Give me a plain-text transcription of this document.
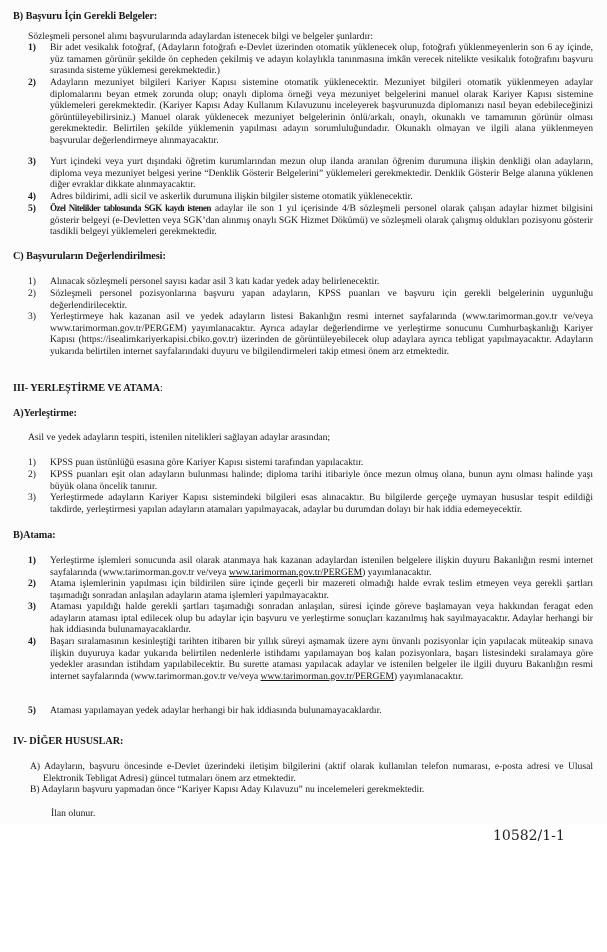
B) Başvuru İçin Gerekli Belgeler:
Sözleşmeli personel alımı başvurularında adaylardan istenecek bilgi ve belgeler şunlardır:
1)	Bir adet vesikalık fotoğraf, (Adayların fotoğrafı e-Devlet üzerinden otomatik yüklenecek olup, fotoğrafı yüklenmeyenlerin son 6 ay içinde, yüz tamamen görünür şekilde ön cepheden çekilmiş ve adayın kolaylıkla tanınmasına imkân verecek nitelikte vesikalık fotoğrafını başvuru sırasında sisteme yüklemesi gerekmektedir.)
2)	Adayların mezuniyet bilgileri Kariyer Kapısı sistemine otomatik yüklenecektir. Mezuniyet bilgileri otomatik yüklenmeyen adaylar diplomalarını beyan etmek zorunda olup; onaylı diploma örneği veya mezuniyet belgelerini manuel olarak Kariyer Kapısı sistemine yüklemeleri gerekmektedir. (Kariyer Kapısı Aday Kullanım Kılavuzunu inceleyerek başvurunuzda diplomanızı nasıl beyan edebileceğinizi görüntüleyebilirsiniz.) Manuel olarak yüklenecek mezuniyet belgelerinin önlü/arkalı, onaylı, okunaklı ve tamamının görünür olması gerekmektedir. Belirtilen şekilde yüklemenin yapılması adayın sorumluluğundadır. Okunaklı olmayan ve ilgili alana yüklenmeyen başvurular değerlendirmeye alınmayacaktır.
3)	Yurt içindeki veya yurt dışındaki öğretim kurumlarından mezun olup ilanda aranılan öğrenim durumuna ilişkin denkliği olan adayların, diploma veya mezuniyet belgesi yerine “Denklik Gösterir Belgelerini” yüklemeleri gerekmektedir. Denklik Gösterir Belge alanına yüklenen diğer evraklar dikkate alınmayacaktır.
4)	Adres bildirimi, adli sicil ve askerlik durumuna ilişkin bilgiler sisteme otomatik yüklenecektir.
5)	Özel Nitelikler tablosunda SGK kaydı istenen adaylar ile son 1 yıl içerisinde 4/B sözleşmeli personel olarak çalışan adaylar hizmet bilgisini gösterir belgeyi (e-Devletten veya SGK’dan alınmış onaylı SGK Hizmet Dökümü) ve sözleşmeli olarak çalışmış oldukları pozisyonu gösterir tasdikli belgeyi yüklemeleri gerekmektedir.
C) Başvuruların Değerlendirilmesi:
1)	Alınacak sözleşmeli personel sayısı kadar asil 3 katı kadar yedek aday belirlenecektir.
2)	Sözleşmeli personel pozisyonlarına başvuru yapan adayların, KPSS puanları ve başvuru için gerekli belgelerinin uygunluğu değerlendirilecektir.
3)	Yerleştirmeye hak kazanan asil ve yedek adayların listesi Bakanlığın resmi internet sayfalarında (www.tarimorman.gov.tr ve/veya www.tarimorman.gov.tr/PERGEM) yayımlanacaktır. Ayrıca adaylar değerlendirme ve yerleştirme sonucunu Cumhurbaşkanlığı Kariyer Kapısı (https://isealimkariyerkapisi.cbiko.gov.tr) üzerinden de görüntüleyebilecek olup adaylara ayrıca tebligat yapılmayacaktır. Adayların yukarıda belirtilen internet sayfalarındaki duyuru ve bilgilendirmeleri takip etmesi önem arz etmektedir.
III- YERLEŞTİRME VE ATAMA:
A)Yerleştirme:
Asil ve yedek adayların tespiti, istenilen nitelikleri sağlayan adaylar arasından;
1)	KPSS puan üstünlüğü esasına göre Kariyer Kapısı sistemi tarafından yapılacaktır.
2)	KPSS puanları eşit olan adayların bulunması halinde; diploma tarihi itibariyle önce mezun olmuş olana, bunun aynı olması halinde yaşı büyük olana öncelik tanınır.
3)	Yerleştirmede adayların Kariyer Kapısı sistemindeki bilgileri esas alınacaktır. Bu bilgilerde gerçeğe uymayan hususlar tespit edildiği takdirde, yerleştirmesi yapılan adayların atamaları yapılmayacak, adaylar bu durumdan dolayı bir hak iddia edemeyecektir.
B)Atama:
1)	Yerleştirme işlemleri sonucunda asil olarak atanmaya hak kazanan adaylardan istenilen belgelere ilişkin duyuru Bakanlığın resmi internet sayfalarında (www.tarimorman.gov.tr ve/veya www.tarimorman.gov.tr/PERGEM) yayımlanacaktır.
2)	Atama işlemlerinin yapılması için bildirilen süre içinde geçerli bir mazereti olmadığı halde evrak teslim etmeyen veya gerekli şartları taşımadığı sonradan anlaşılan adayların atama işlemleri yapılmayacaktır.
3)	Ataması yapıldığı halde gerekli şartları taşımadığı sonradan anlaşılan, süresi içinde göreve başlamayan veya hakkından feragat eden adayların ataması iptal edilecek olup bu adaylar için başvuru ve yerleştirme sonuçları kazanılmış hak sayılmayacaktır. Adaylar herhangi bir hak iddiasında bulunamayacaklardır.
4)	Başarı sıralamasının kesinleştiği tarihten itibaren bir yıllık süreyi aşmamak üzere aynı ünvanlı pozisyonlar için yapılacak müteakip sınava ilişkin duyuruya kadar yukarıda belirtilen nedenlerle istihdamı yapılamayan boş kalan pozisyonlara, başarı listesindeki sıralamaya göre yedekler arasından istihdam yapılabilecektir. Bu surette ataması yapılacak adaylar ve istenilen belgeler ile ilgili duyuru Bakanlığın resmi internet sayfalarında (www.tarimorman.gov.tr ve/veya www.tarimorman.gov.tr/PERGEM) yayımlanacaktır.
5)	Ataması yapılamayan yedek adaylar herhangi bir hak iddiasında bulunamayacaklardır.
IV- DİĞER HUSUSLAR:
A) Adayların, başvuru öncesinde e-Devlet üzerindeki iletişim bilgilerini (aktif olarak kullanılan telefon numarası, e-posta adresi ve Ulusal Elektronik Tebligat Adresi) güncel tutmaları önem arz etmektedir.
B) Adayların başvuru yapmadan önce “Kariyer Kapısı Aday Kılavuzu” nu incelemeleri gerekmektedir.
İlan olunur.
10582/1-1
